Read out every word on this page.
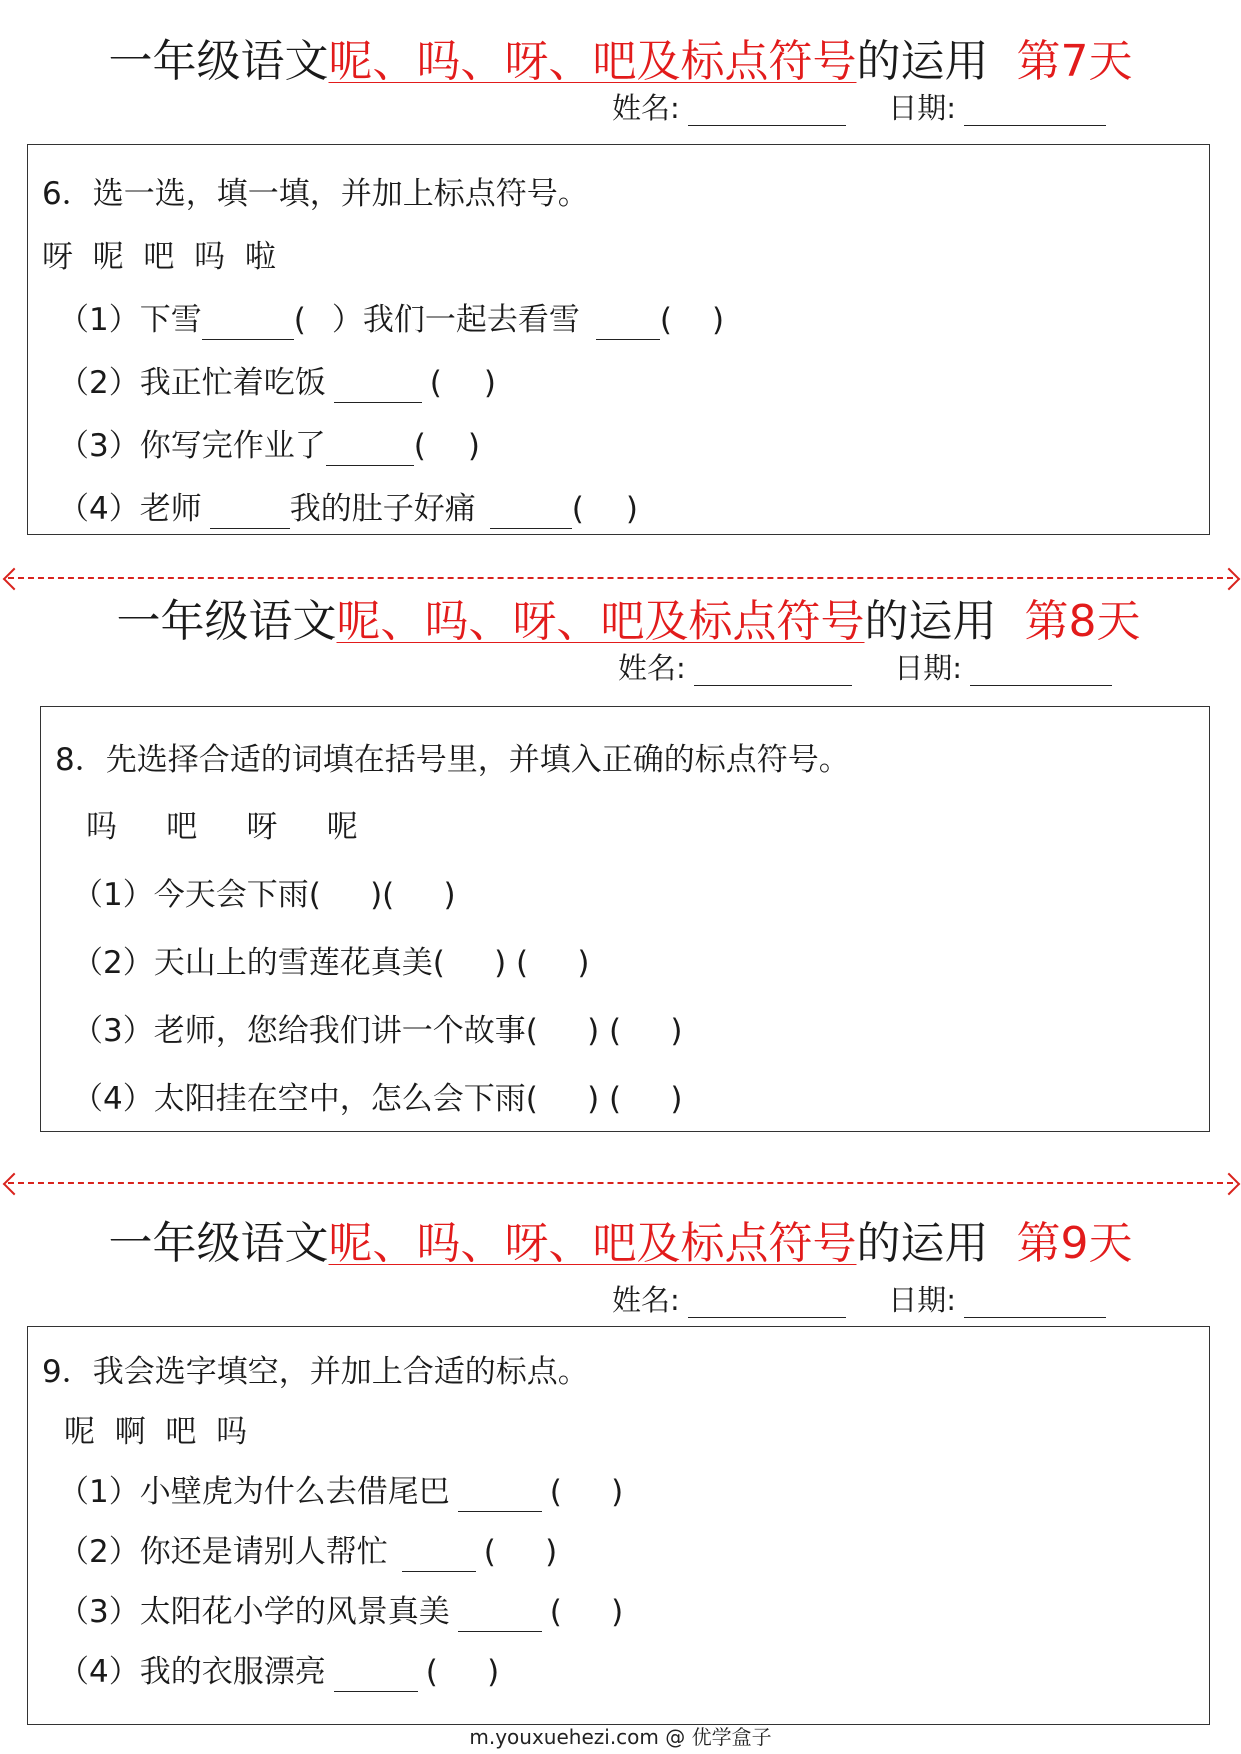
一年级语文呢、吗、呀、吧及标点符号的运用 第7天
姓名:	日期:
6．选一选，填一填，并加上标点符号。
呀  呢  吧  吗  啦
（1）下雪	( ）我们一起去看雪	( )
（2）我正忙着吃饭	( )
（3）你写完作业了	( )
（4）老师	我的肚子好痛	( )
一年级语文呢、吗、呀、吧及标点符号的运用 第8天
姓名:	日期:
8．先选择合适的词填在括号里，并填入正确的标点符号。
吗     吧     呀     呢
（1）今天会下雨(     )(     )
（2）天山上的雪莲花真美(     ) (     )
（3）老师，您给我们讲一个故事(     ) (     )
（4）太阳挂在空中，怎么会下雨(     ) (     )
一年级语文呢、吗、呀、吧及标点符号的运用 第9天
姓名:	日期:
9．我会选字填空，并加上合适的标点。
呢  啊  吧  吗
（1）小壁虎为什么去借尾巴	(     )
（2）你还是请别人帮忙	(     )
（3）太阳花小学的风景真美	(     )
（4）我的衣服漂亮	(     )
m.youxuehezi.com @ 优学盒子
